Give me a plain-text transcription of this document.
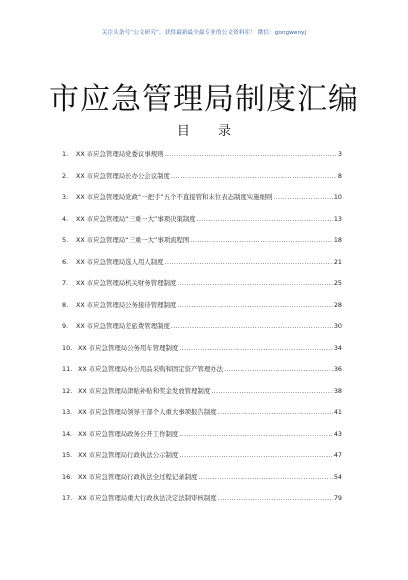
关注头条号“公文研究”，获得最新最全最专业的公文资料库！ 微信：gongwenyj
市应急管理局制度汇编
目 录
1.	XX 市应急管理局党委议事规则 .....	3
2.	XX 市应急管理局长办公会议制度 .....	8
3.	XX 市应急管理局党政“一把手”五个不直接管和末位表态制度实施细则 .....	10
4.	XX 市应急管理局“三重一大”事项决策制度 .....	13
5.	XX 市应急管理局“三重一大”事项流程图 .....	18
6.	XX 市应急管理局选人用人制度 .....	21
7.	XX 市应急管理局机关财务管理制度 .....	25
8.	XX 市应急管理局公务接待管理制度 .....	28
9.	XX 市应急管理局差旅费管理制度 .....	30
10. XX 市应急管理局公务用车管理制度 .....	34
11. XX 市应急管理局办公用品采购和固定资产管理办法 .....	36
12. XX 市应急管理局津贴补贴和奖金发放管理制度 .....	38
13. XX 市应急管理局领导干部个人重大事项报告制度 .....	41
14. XX 市应急管理局政务公开工作制度 .....	43
15. XX 市应急管理局行政执法公示制度 .....	47
16. XX 市应急管理局行政执法全过程记录制度 .....	54
17. XX 市应急管理局重大行政执法决定法制审核制度 .....	79
